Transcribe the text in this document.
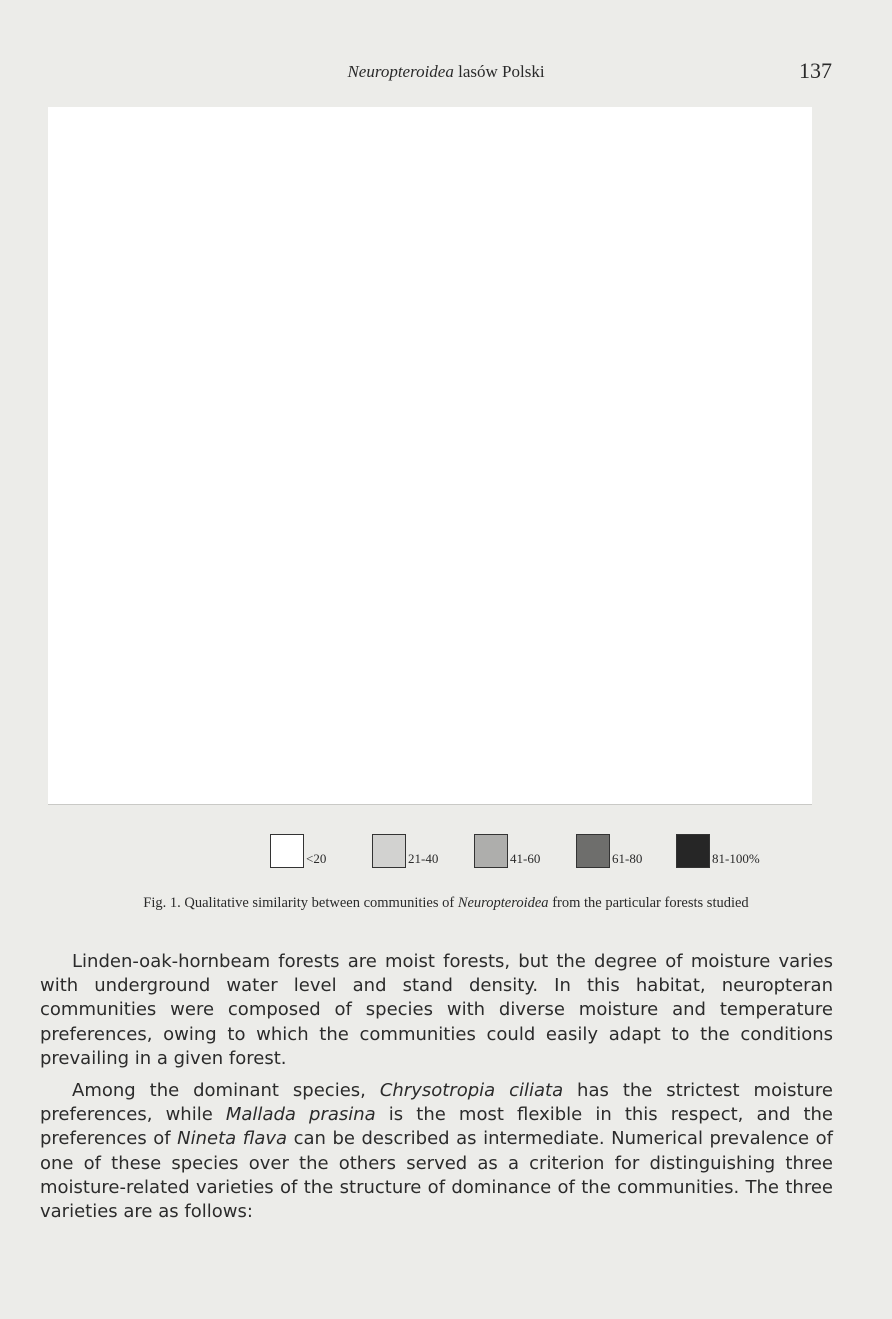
Neuropteroidea lasów Polski	137
<20	21-40	41-60	61-80	81-100%
Fig. 1. Qualitative similarity between communities of Neuropteroidea from the particular forests studied

Linden-oak-hornbeam forests are moist forests, but the degree of moisture varies with underground water level and stand density. In this habitat, neuropteran communities were composed of species with diverse moisture and temperature preferences, owing to which the communities could easily adapt to the conditions prevailing in a given forest.

Among the dominant species, Chrysotropia ciliata has the strictest moisture preferences, while Mallada prasina is the most flexible in this respect, and the preferences of Nineta flava can be described as intermediate. Numerical prevalence of one of these species over the others served as a criterion for distinguishing three moisture-related varieties of the structure of dominance of the communities. The three varieties are as follows:
